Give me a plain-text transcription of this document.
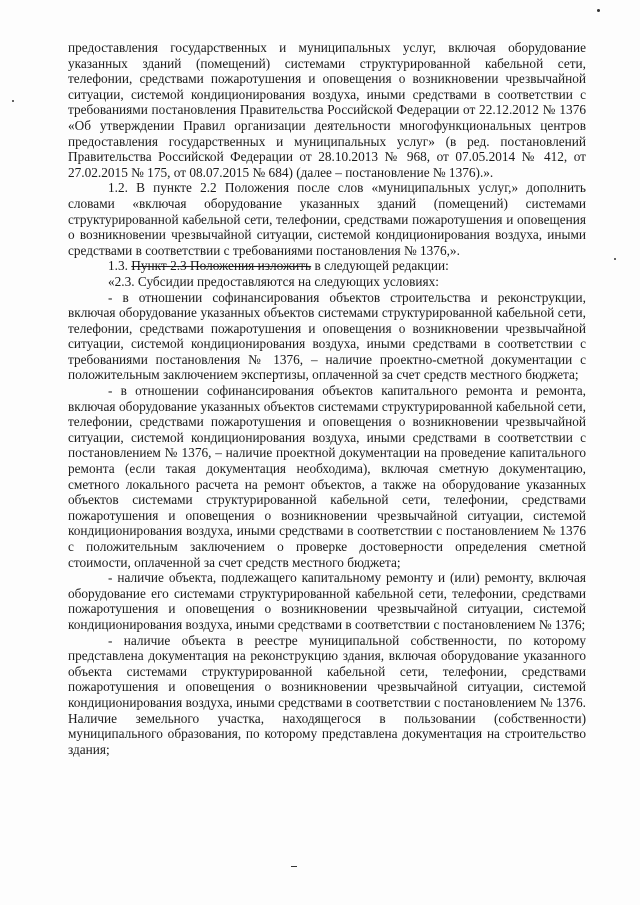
предоставления государственных и муниципальных услуг, включая оборудование указанных зданий (помещений) системами структурированной кабельной сети, телефонии, средствами пожаротушения и оповещения о возникновении чрезвычайной ситуации, системой кондиционирования воздуха, иными средствами в соответствии с требованиями постановления Правительства Российской Федерации от 22.12.2012 № 1376 «Об утверждении Правил организации деятельности многофункциональных центров предоставления государственных и муниципальных услуг» (в ред. постановлений Правительства Российской Федерации от 28.10.2013 № 968, от 07.05.2014 № 412, от 27.02.2015 № 175, от 08.07.2015 № 684) (далее – постановление № 1376).».

1.2. В пункте 2.2 Положения после слов «муниципальных услуг,» дополнить словами «включая оборудование указанных зданий (помещений) системами структурированной кабельной сети, телефонии, средствами пожаротушения и оповещения о возникновении чрезвычайной ситуации, системой кондиционирования воздуха, иными средствами в соответствии с требованиями постановления № 1376,».

1.3. Пункт 2.3 Положения изложить в следующей редакции:

«2.3. Субсидии предоставляются на следующих условиях:

- в отношении софинансирования объектов строительства и реконструкции, включая оборудование указанных объектов системами структурированной кабельной сети, телефонии, средствами пожаротушения и оповещения о возникновении чрезвычайной ситуации, системой кондиционирования воздуха, иными средствами в соответствии с требованиями постановления № 1376, – наличие проектно-сметной документации с положительным заключением экспертизы, оплаченной за счет средств местного бюджета;

- в отношении софинансирования объектов капитального ремонта и ремонта, включая оборудование указанных объектов системами структурированной кабельной сети, телефонии, средствами пожаротушения и оповещения о возникновении чрезвычайной ситуации, системой кондиционирования воздуха, иными средствами в соответствии с постановлением № 1376, – наличие проектной документации на проведение капитального ремонта (если такая документация необходима), включая сметную документацию, сметного локального расчета на ремонт объектов, а также на оборудование указанных объектов системами структурированной кабельной сети, телефонии, средствами пожаротушения и оповещения о возникновении чрезвычайной ситуации, системой кондиционирования воздуха, иными средствами в соответствии с постановлением № 1376 с положительным заключением о проверке достоверности определения сметной стоимости, оплаченной за счет средств местного бюджета;

- наличие объекта, подлежащего капитальному ремонту и (или) ремонту, включая оборудование его системами структурированной кабельной сети, телефонии, средствами пожаротушения и оповещения о возникновении чрезвычайной ситуации, системой кондиционирования воздуха, иными средствами в соответствии с постановлением № 1376;

- наличие объекта в реестре муниципальной собственности, по которому представлена документация на реконструкцию здания, включая оборудование указанного объекта системами структурированной кабельной сети, телефонии, средствами пожаротушения и оповещения о возникновении чрезвычайной ситуации, системой кондиционирования воздуха, иными средствами в соответствии с постановлением № 1376. Наличие земельного участка, находящегося в пользовании (собственности) муниципального образования, по которому представлена документация на строительство здания;
